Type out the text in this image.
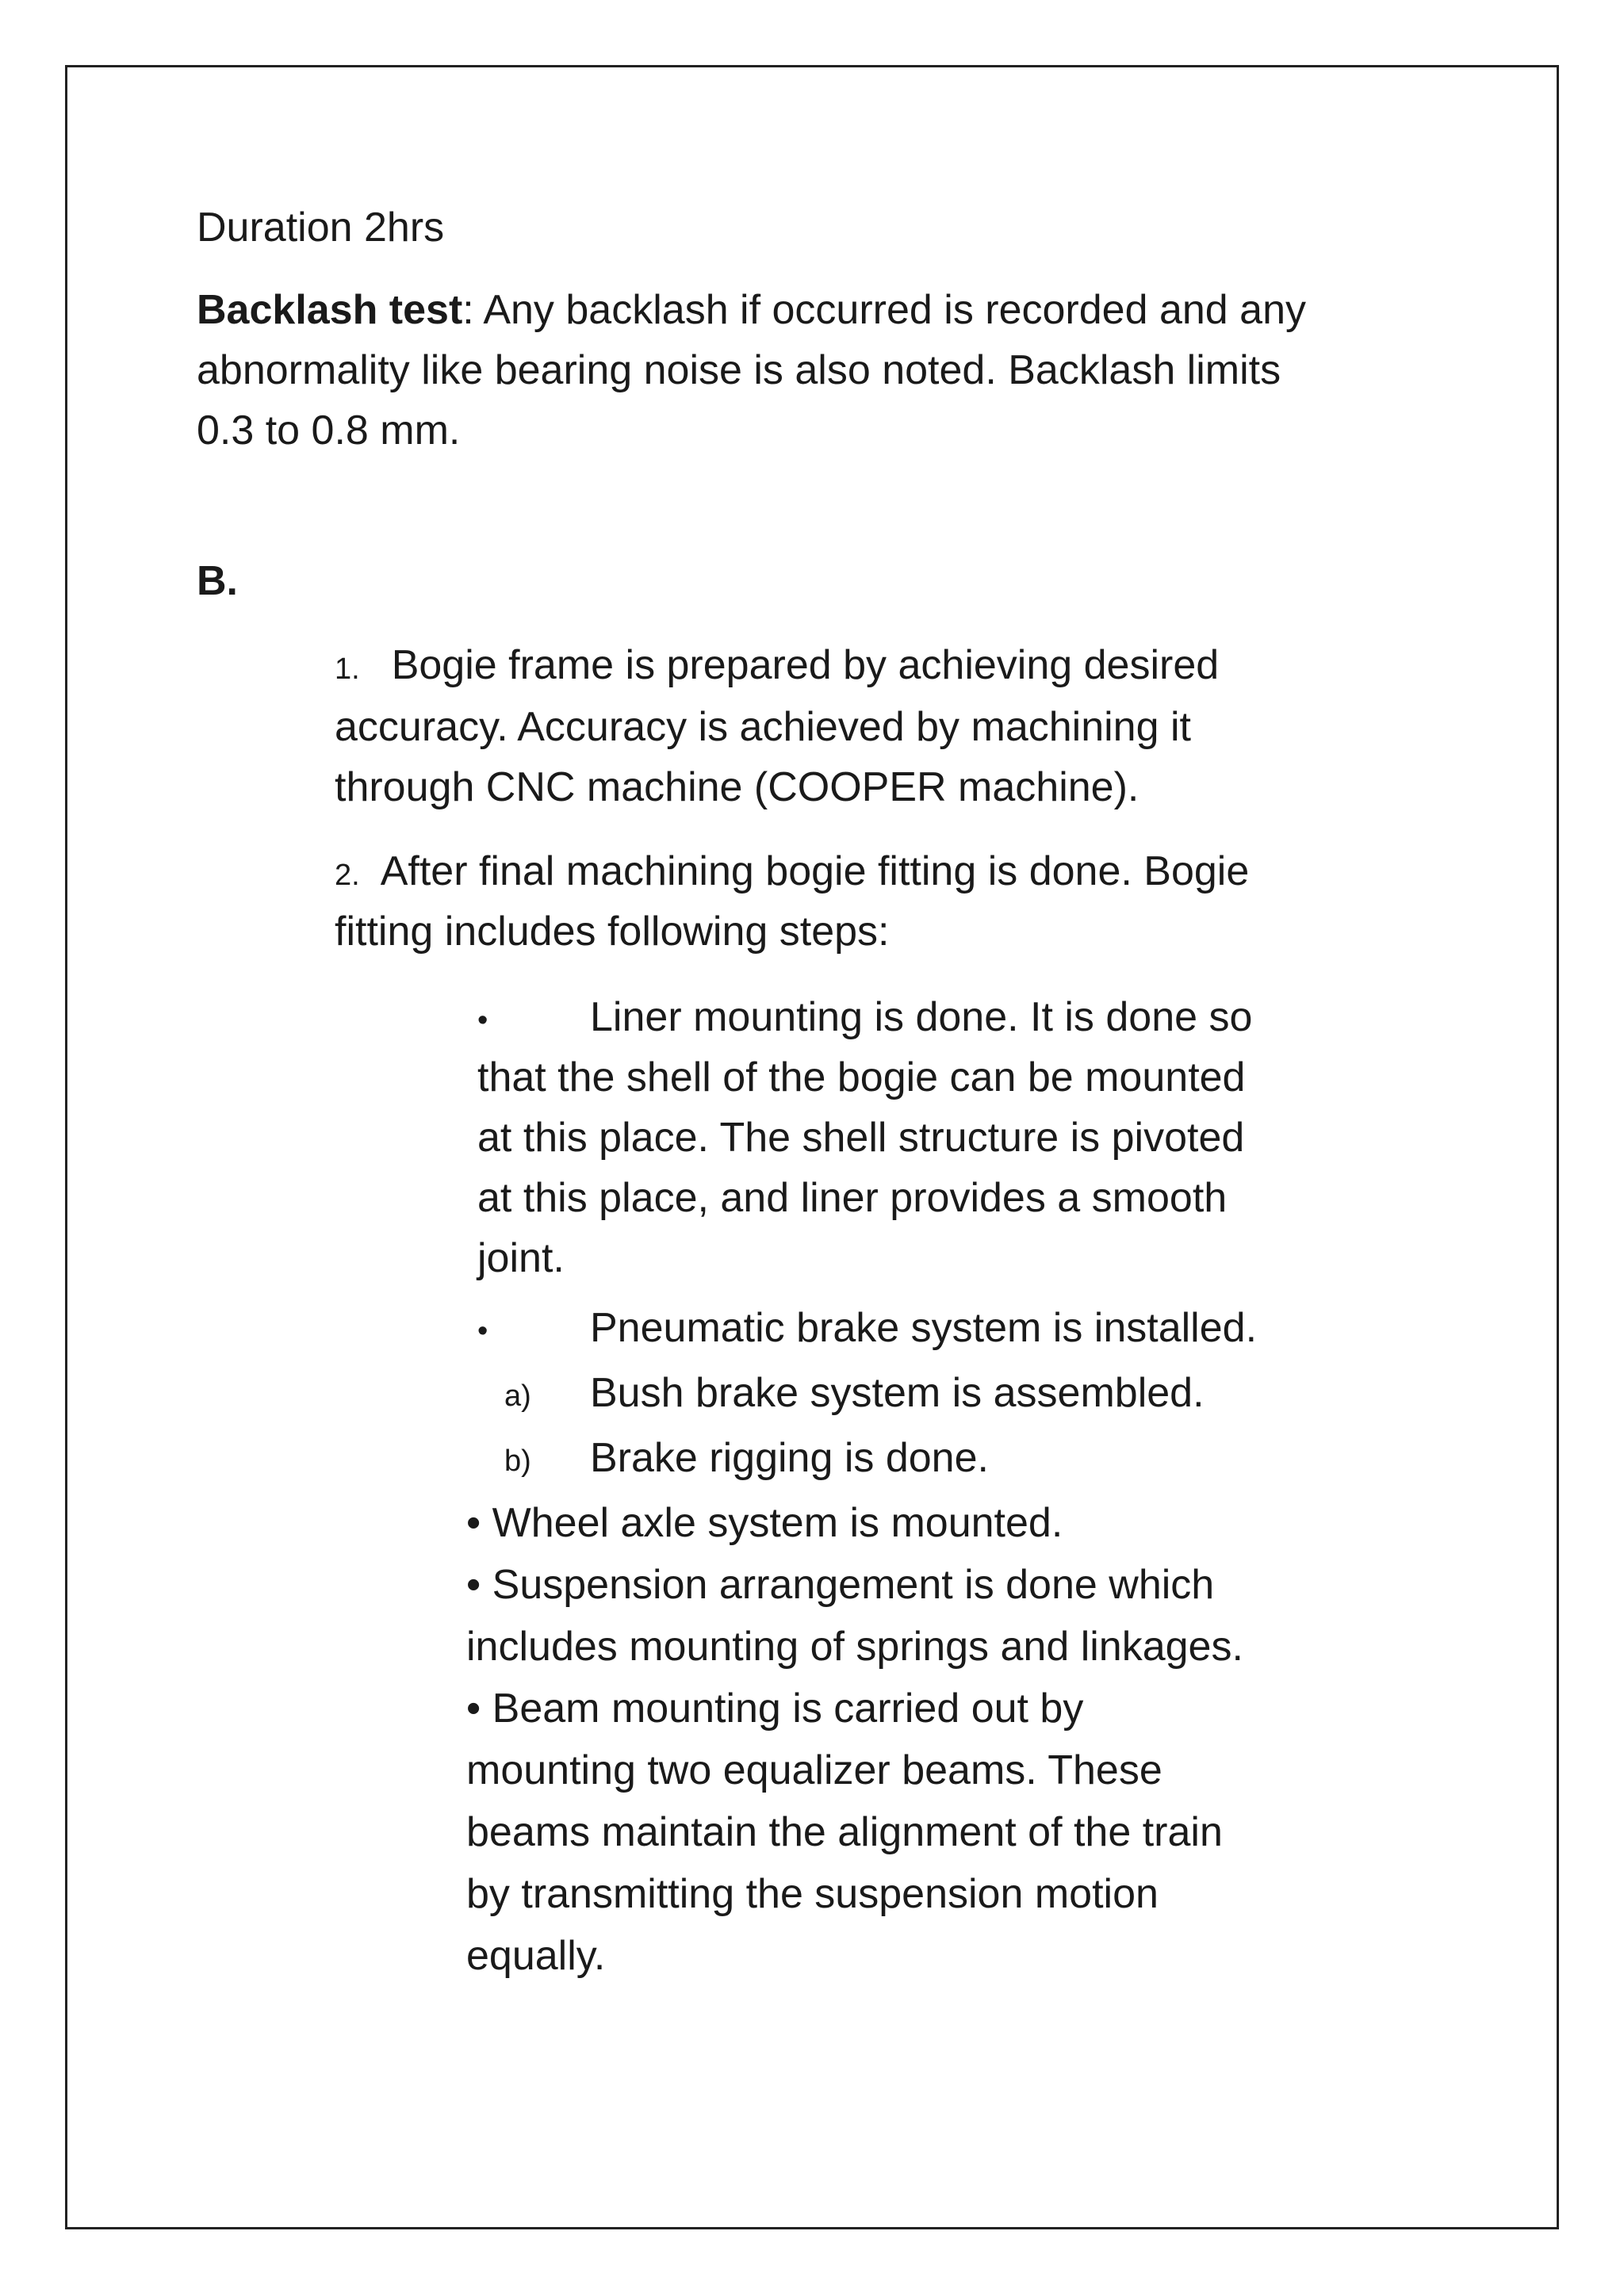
Duration 2hrs

Backlash test: Any backlash if occurred is recorded and any

abnormality like bearing noise is also noted. Backlash limits

0.3 to 0.8 mm.

B.

1. Bogie frame is prepared by achieving desired

accuracy. Accuracy is achieved by machining it

through CNC machine (COOPER machine).

2. After final machining bogie fitting is done. Bogie

fitting includes following steps:

• Liner mounting is done. It is done so

that the shell of the bogie can be mounted

at this place. The shell structure is pivoted

at this place, and liner provides a smooth

joint.

• Pneumatic brake system is installed.

a) Bush brake system is assembled.

b) Brake rigging is done.

• Wheel axle system is mounted.

• Suspension arrangement is done which

includes mounting of springs and linkages.

• Beam mounting is carried out by

mounting two equalizer beams. These

beams maintain the alignment of the train

by transmitting the suspension motion

equally.
